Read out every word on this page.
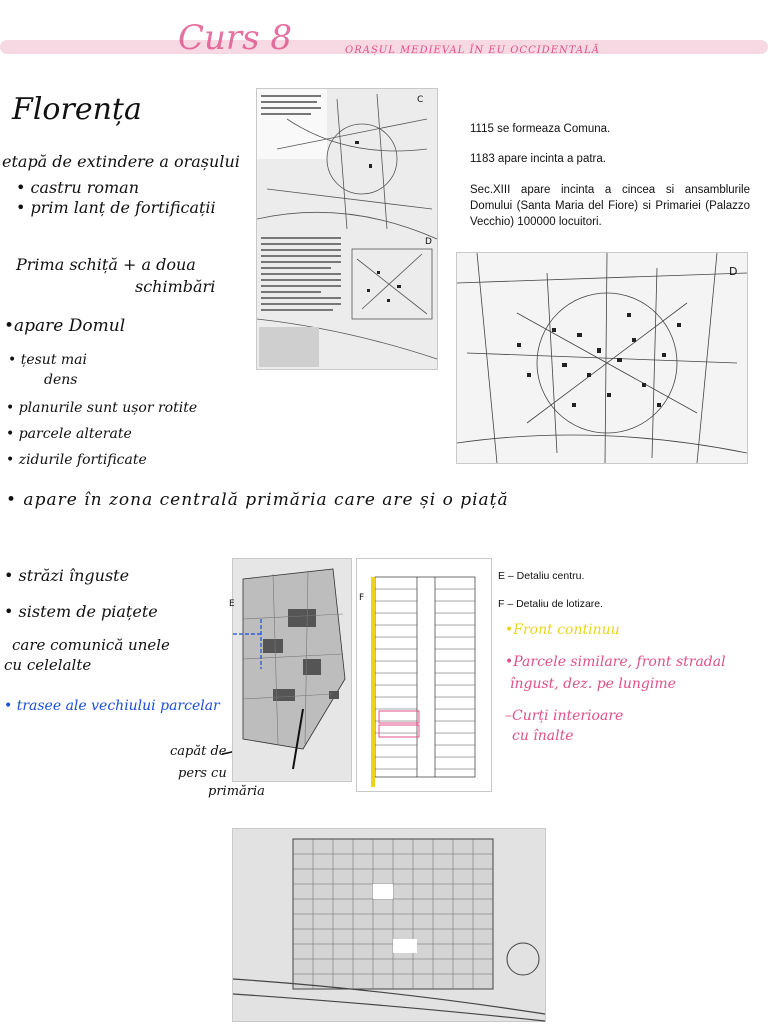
Curs 8	ORAȘUL MEDIEVAL ÎN EU OCCIDENTALĂ
Florența
etapă de extindere a orașului
• castru roman
• prim lanț de fortificații
Prima schiță + a doua
schimbări
•apare Domul
• țesut mai
dens
• planurile sunt ușor rotite
• parcele alterate
• zidurile fortificate
• apare în zona centrală primăria care are și o piață
• străzi înguste
• sistem de piațete
care comunică unele
cu celelalte
• trasee ale vechiului parcelar
capăt de
pers cu
primăria
C
D
1115 se formeaza Comuna.
1183 apare incinta a patra.
Sec.XIII apare incinta a cincea si ansamblurile Domului (Santa Maria del Fiore) si Primariei (Palazzo Vecchio) 100000 locuitori.
D
E
F
E – Detaliu centru.
F – Detaliu de lotizare.
•Front continuu
•Parcele similare, front stradal
îngust, dez. pe lungime
–Curți interioare
cu înalte
